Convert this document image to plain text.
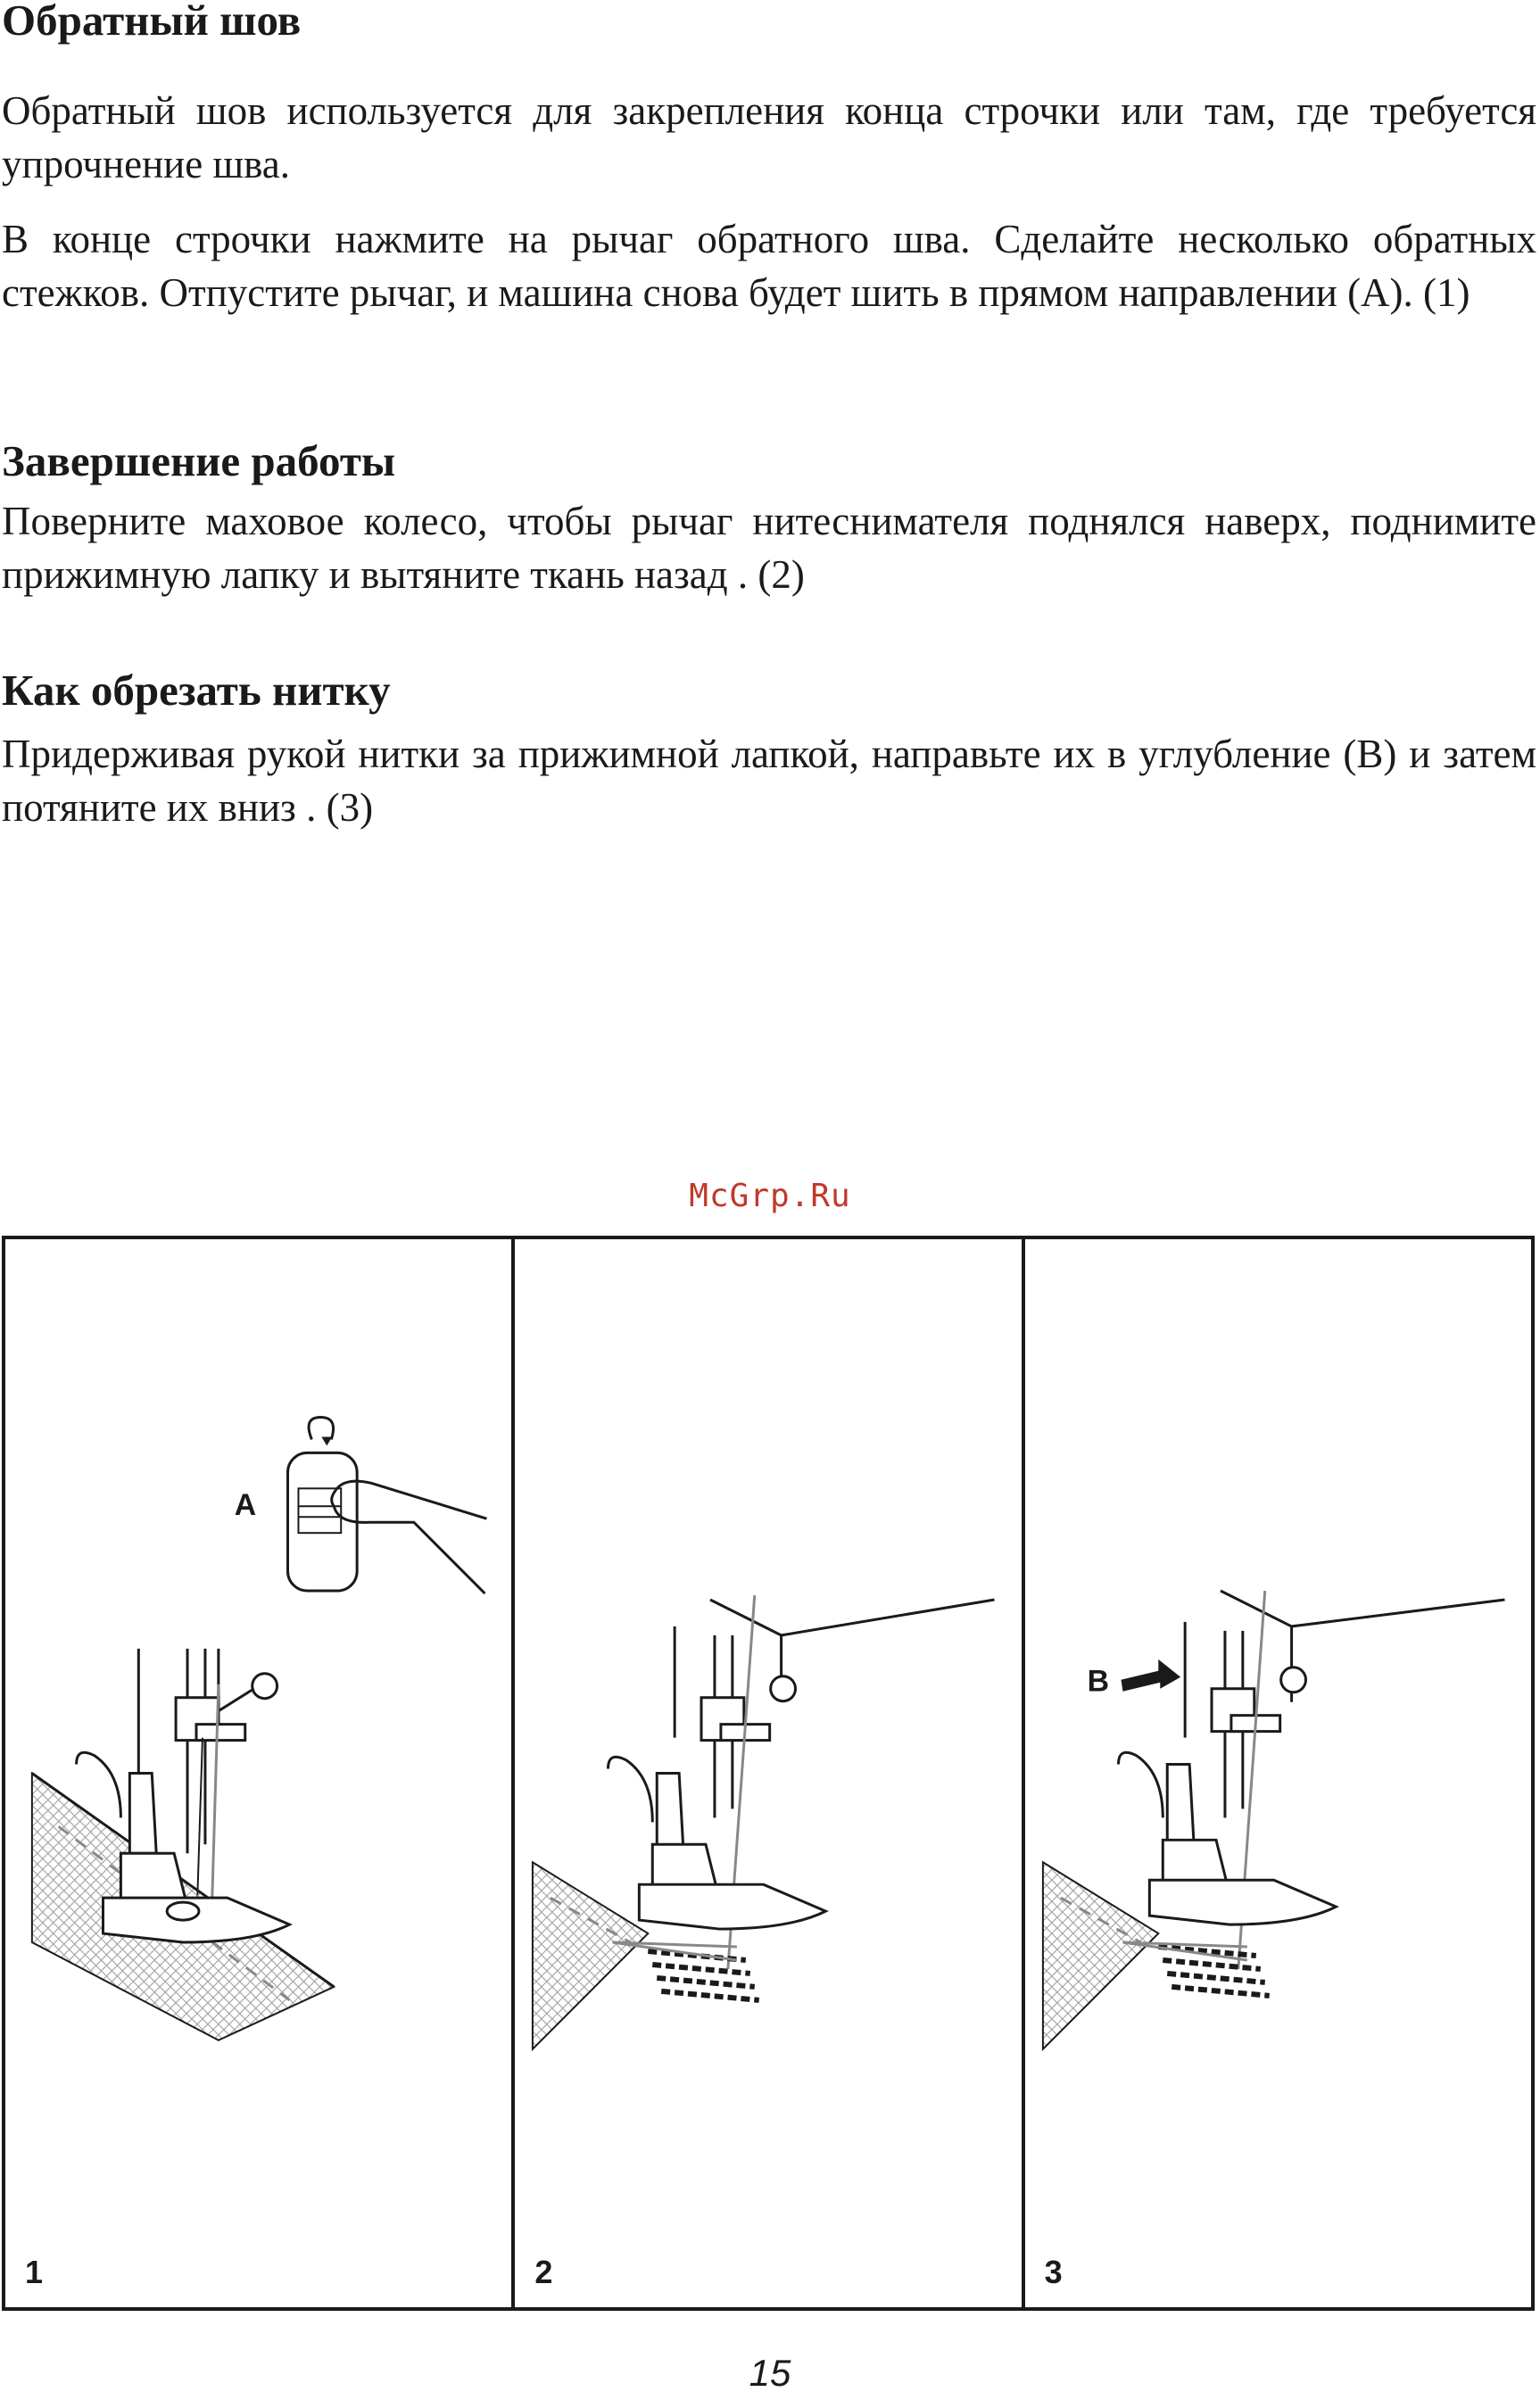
Обратный шов

Обратный шов используется для закрепления конца строчки или там, где требуется упрочнение шва.

В конце строчки нажмите на рычаг обратного шва. Сделайте несколько обратных стежков. Отпустите рычаг, и машина снова будет шить в прямом направлении (A). (1)

Завершение работы

Поверните маховое колесо, чтобы рычаг нитеснимателя поднялся наверх, поднимите прижимную лапку и вытяните ткань назад . (2)

Как обрезать нитку

Придерживая рукой нитки за прижимной лапкой, направьте их в углубление (B) и затем потяните их вниз . (3)

McGrp.Ru
A
1	2
B
3
15
